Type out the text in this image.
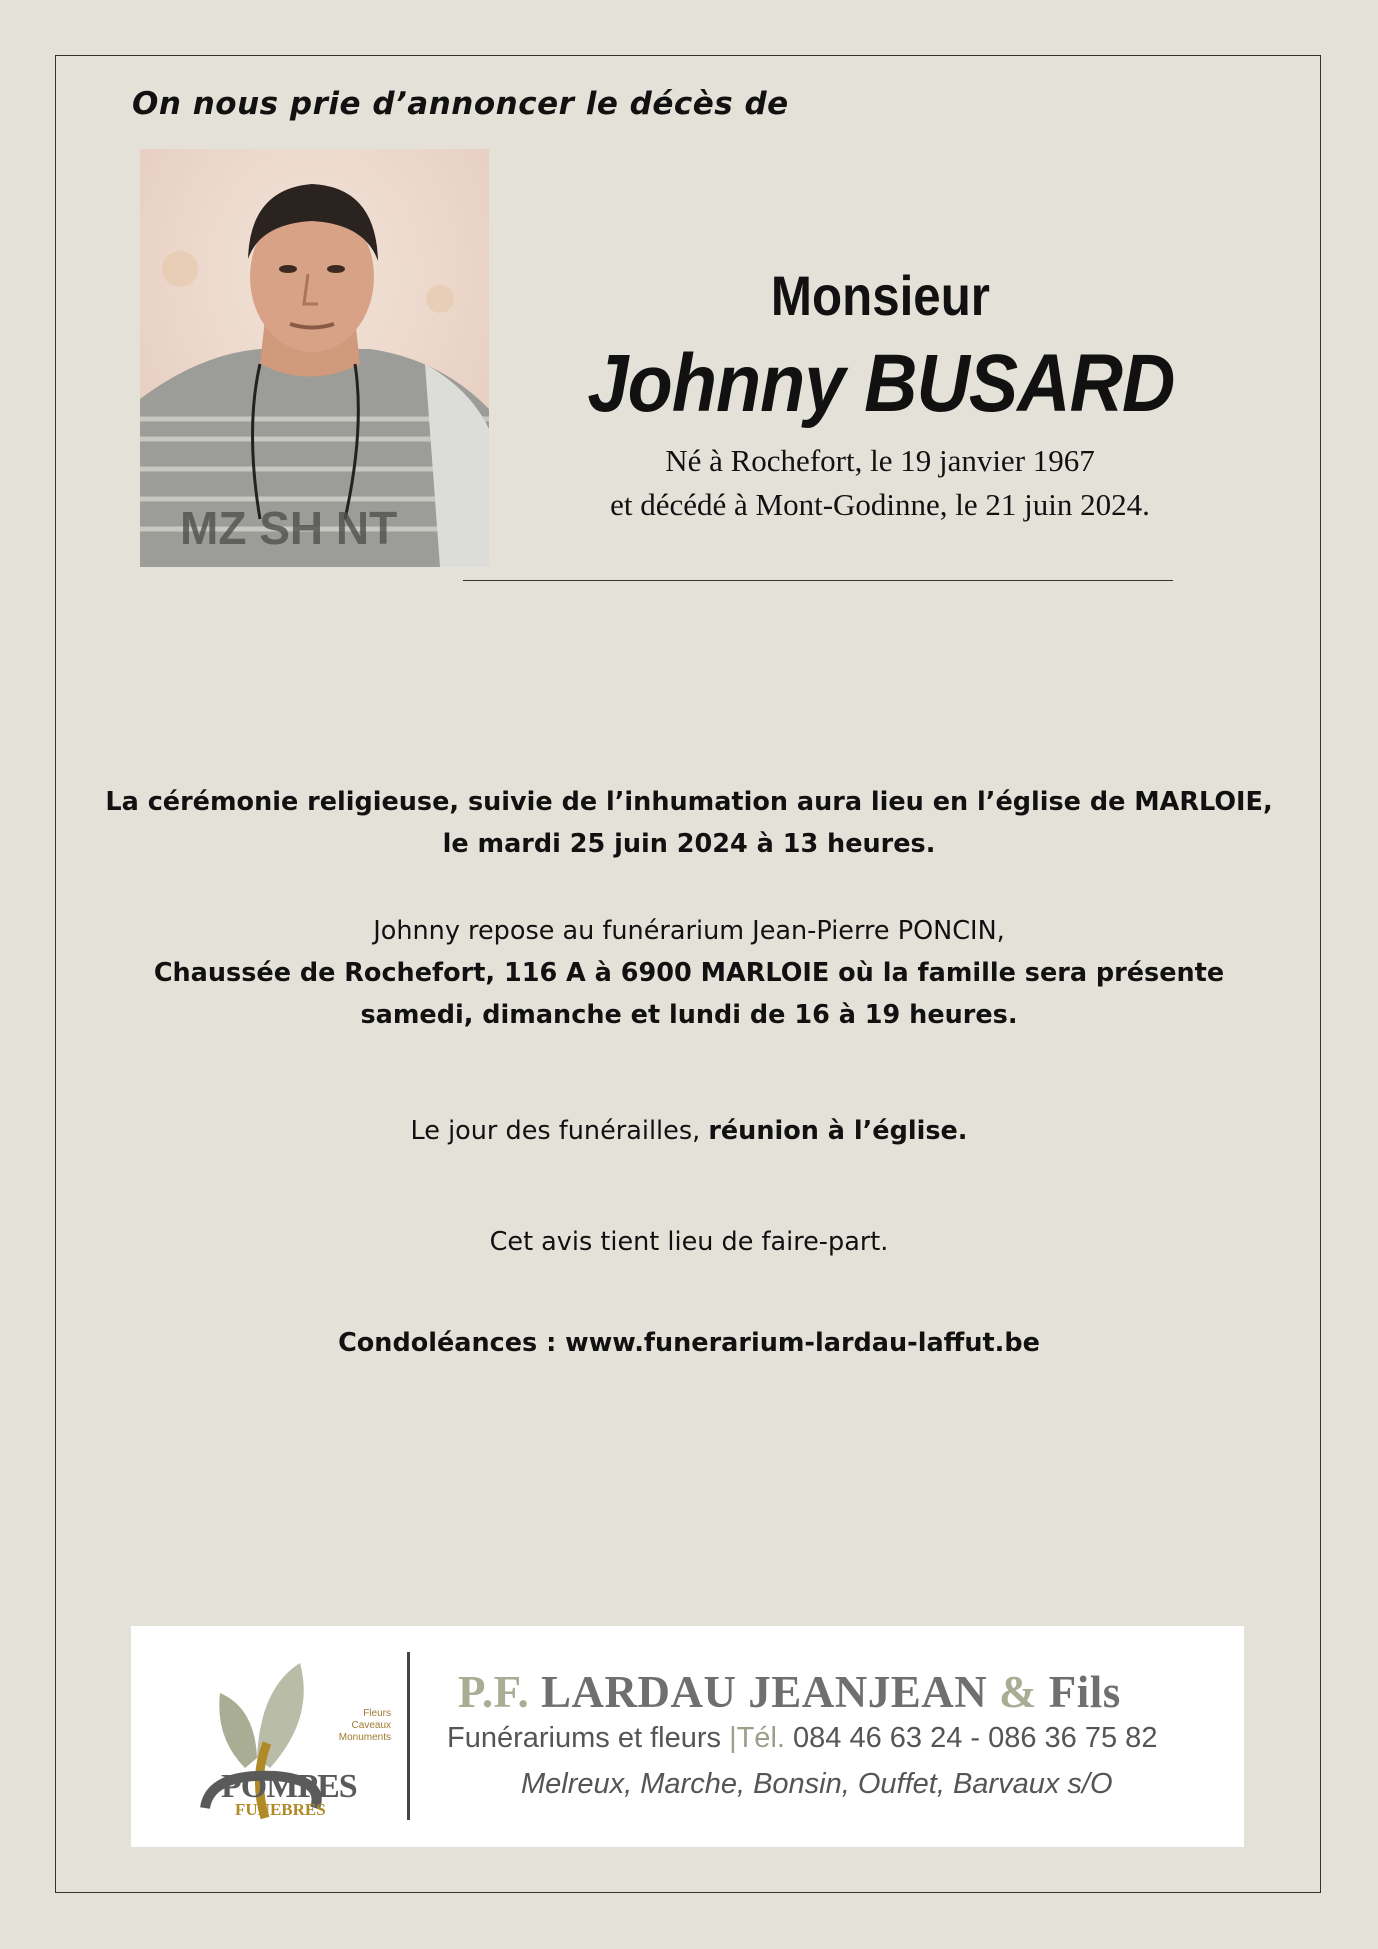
On nous prie d’annoncer le décès de
MZ SH NT
Monsieur
Johnny BUSARD
Né à Rochefort, le 19 janvier 1967
et décédé à Mont-Godinne, le 21 juin 2024.
La cérémonie religieuse, suivie de l’inhumation aura lieu en l’église de MARLOIE,
le mardi 25 juin 2024 à 13 heures.
Johnny repose au funérarium Jean-Pierre PONCIN,
Chaussée de Rochefort, 116 A à 6900 MARLOIE où la famille sera présente
samedi, dimanche et lundi de 16 à 19 heures.
Le jour des funérailles, réunion à l’église.
Cet avis tient lieu de faire-part.
Condoléances : www.funerarium-lardau-laffut.be
Fleurs
Caveaux
Monuments
POMPES
FUNEBRES
P.F. LARDAU JEANJEAN & Fils
Funérariums et fleurs |Tél. 084 46 63 24 - 086 36 75 82
Melreux, Marche, Bonsin, Ouffet, Barvaux s/O
